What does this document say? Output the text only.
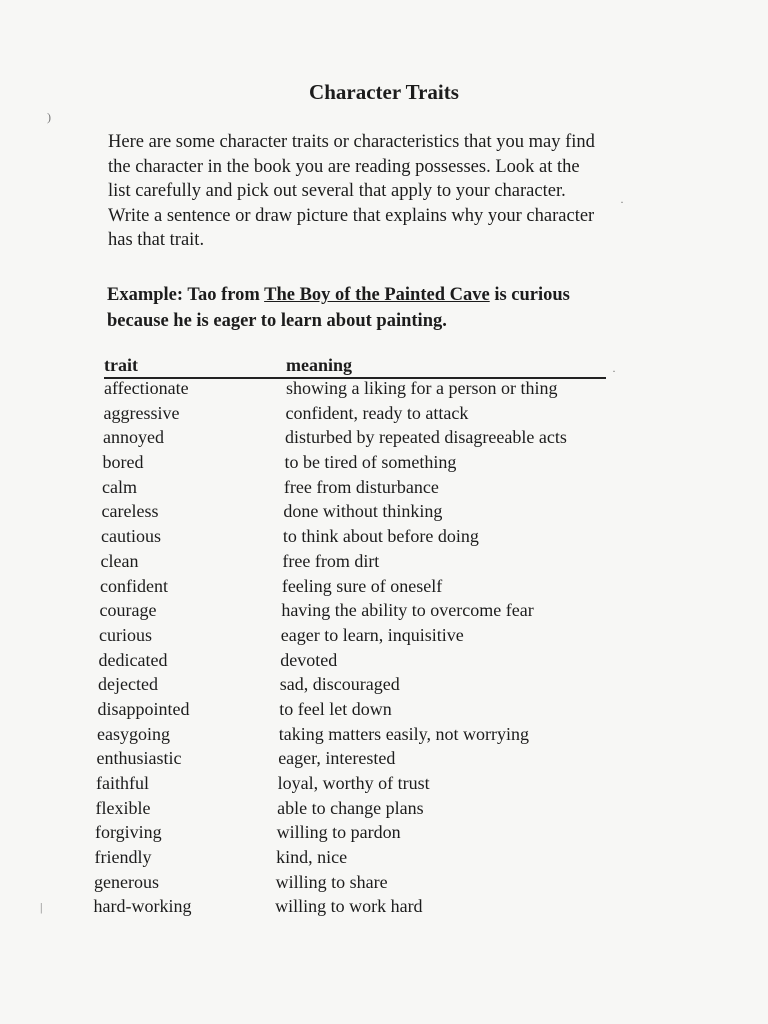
Character Traits
Here are some character traits or characteristics that you may find
the character in the book you are reading possesses. Look at the
list carefully and pick out several that apply to your character.
Write a sentence or draw picture that explains why your character
has that trait.
Example: Tao from The Boy of the Painted Cave is curious
because he is eager to learn about painting.
trait	meaning
affectionate	showing a liking for a person or thing
aggressive	confident, ready to attack
annoyed	disturbed by repeated disagreeable acts
bored	to be tired of something
calm	free from disturbance
careless	done without thinking
cautious	to think about before doing
clean	free from dirt
confident	feeling sure of oneself
courage	having the ability to overcome fear
curious	eager to learn, inquisitive
dedicated	devoted
dejected	sad, discouraged
disappointed	to feel let down
easygoing	taking matters easily, not worrying
enthusiastic	eager, interested
faithful	loyal, worthy of trust
flexible	able to change plans
forgiving	willing to pardon
friendly	kind, nice
generous	willing to share
hard-working	willing to work hard
·
·
)
|
